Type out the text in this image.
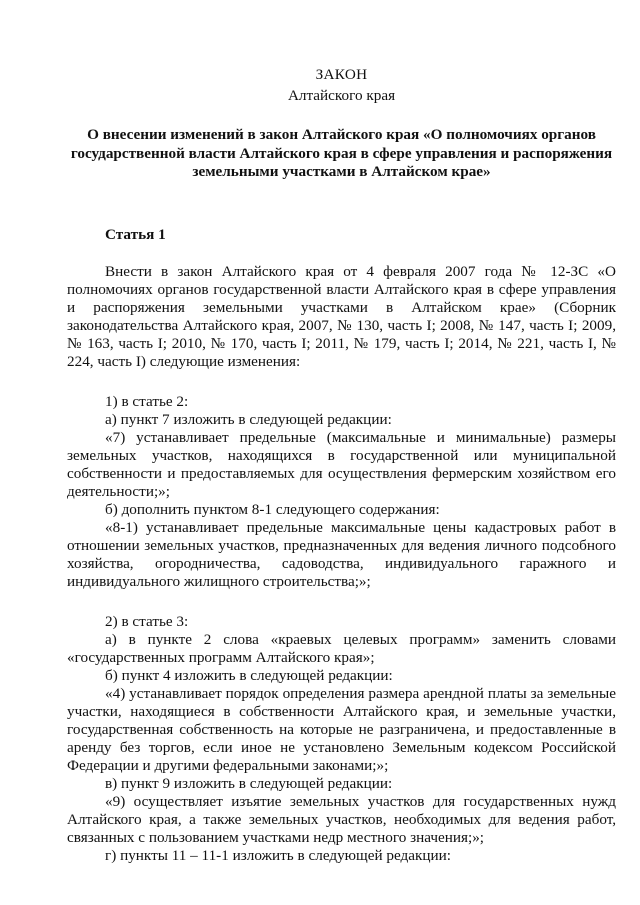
ЗАКОН
Алтайского края
О внесении изменений в закон Алтайского края «О полномочиях органов государственной власти Алтайского края в сфере управления и распоряжения земельными участками в Алтайском крае»
Статья 1

Внести в закон Алтайского края от 4 февраля 2007 года № 12-ЗС «О полномочиях органов государственной власти Алтайского края в сфере управления и распоряжения земельными участками в Алтайском крае» (Сборник законодательства Алтайского края, 2007, № 130, часть I; 2008, № 147, часть I; 2009, № 163, часть I; 2010, № 170, часть I; 2011, № 179, часть I; 2014, № 221, часть I, № 224, часть I) следующие изменения:

1) в статье 2:

а) пункт 7 изложить в следующей редакции:

«7) устанавливает предельные (максимальные и минимальные) размеры земельных участков, находящихся в государственной или муниципальной собственности и предоставляемых для осуществления фермерским хозяйством его деятельности;»;

б) дополнить пунктом 8-1 следующего содержания:

«8-1) устанавливает предельные максимальные цены кадастровых работ в отношении земельных участков, предназначенных для ведения личного подсобного хозяйства, огородничества, садоводства, индивидуального гаражного и индивидуального жилищного строительства;»;

2) в статье 3:

а) в пункте 2 слова «краевых целевых программ» заменить словами «государственных программ Алтайского края»;

б) пункт 4 изложить в следующей редакции:

«4) устанавливает порядок определения размера арендной платы за земельные участки, находящиеся в собственности Алтайского края, и земельные участки, государственная собственность на которые не разграничена, и предоставленные в аренду без торгов, если иное не установлено Земельным кодексом Российской Федерации и другими федеральными законами;»;

в) пункт 9 изложить в следующей редакции:

«9) осуществляет изъятие земельных участков для государственных нужд Алтайского края, а также земельных участков, необходимых для ведения работ, связанных с пользованием участками недр местного значения;»;

г) пункты 11 – 11-1 изложить в следующей редакции:
